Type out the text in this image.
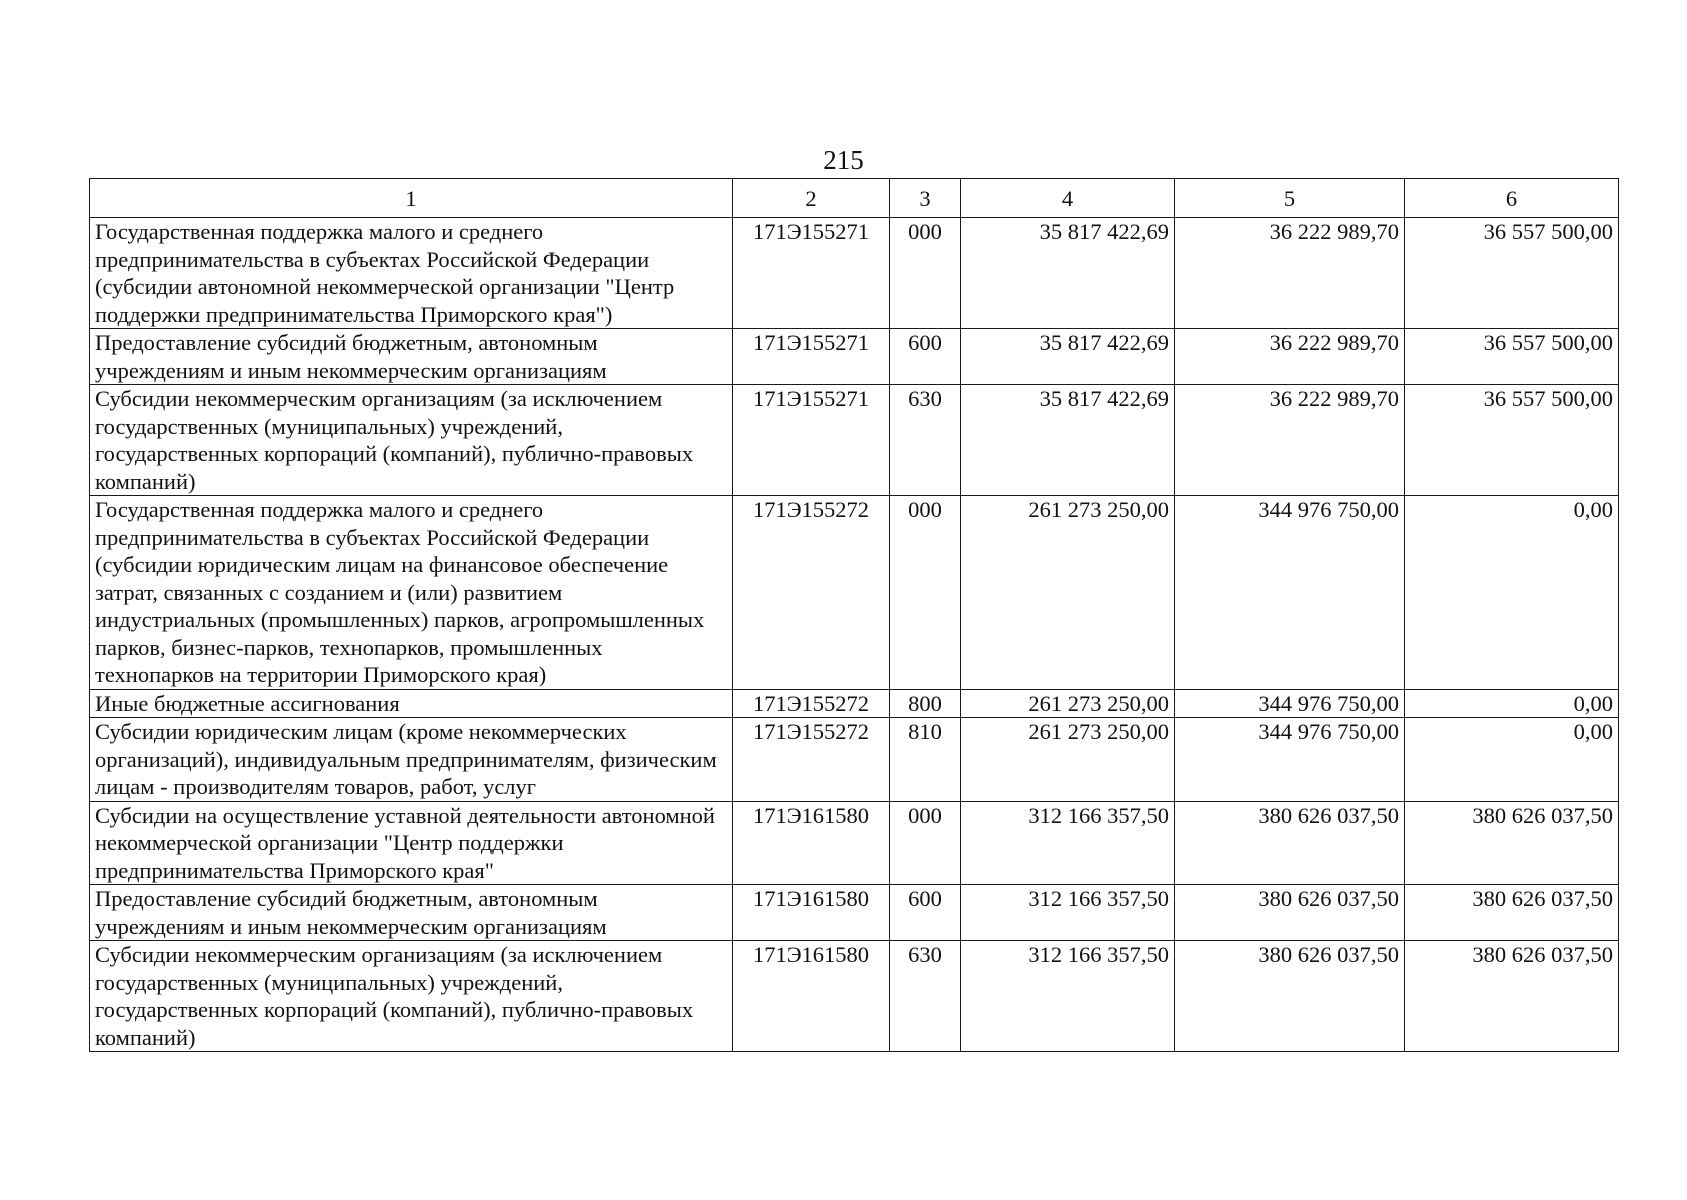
215
1	2	3	4	5	6
Государственная поддержка малого и среднего предпринимательства в субъектах Российской Федерации (субсидии автономной некоммерческой организации "Центр поддержки предпринимательства Приморского края")	171Э155271	000	35 817 422,69	36 222 989,70	36 557 500,00
Предоставление субсидий бюджетным, автономным учреждениям и иным некоммерческим организациям	171Э155271	600	35 817 422,69	36 222 989,70	36 557 500,00
Субсидии некоммерческим организациям (за исключением государственных (муниципальных) учреждений, государственных корпораций (компаний), публично-правовых компаний)	171Э155271	630	35 817 422,69	36 222 989,70	36 557 500,00
Государственная поддержка малого и среднего предпринимательства в субъектах Российской Федерации (субсидии юридическим лицам на финансовое обеспечение затрат, связанных с созданием и (или) развитием индустриальных (промышленных) парков, агропромышленных парков, бизнес-парков, технопарков, промышленных технопарков на территории Приморского края)	171Э155272	000	261 273 250,00	344 976 750,00	0,00
Иные бюджетные ассигнования	171Э155272	800	261 273 250,00	344 976 750,00	0,00
Субсидии юридическим лицам (кроме некоммерческих организаций), индивидуальным предпринимателям, физическим лицам - производителям товаров, работ, услуг	171Э155272	810	261 273 250,00	344 976 750,00	0,00
Субсидии на осуществление уставной деятельности автономной некоммерческой организации "Центр поддержки предпринимательства Приморского края"	171Э161580	000	312 166 357,50	380 626 037,50	380 626 037,50
Предоставление субсидий бюджетным, автономным учреждениям и иным некоммерческим организациям	171Э161580	600	312 166 357,50	380 626 037,50	380 626 037,50
Субсидии некоммерческим организациям (за исключением государственных (муниципальных) учреждений, государственных корпораций (компаний), публично-правовых компаний)	171Э161580	630	312 166 357,50	380 626 037,50	380 626 037,50
